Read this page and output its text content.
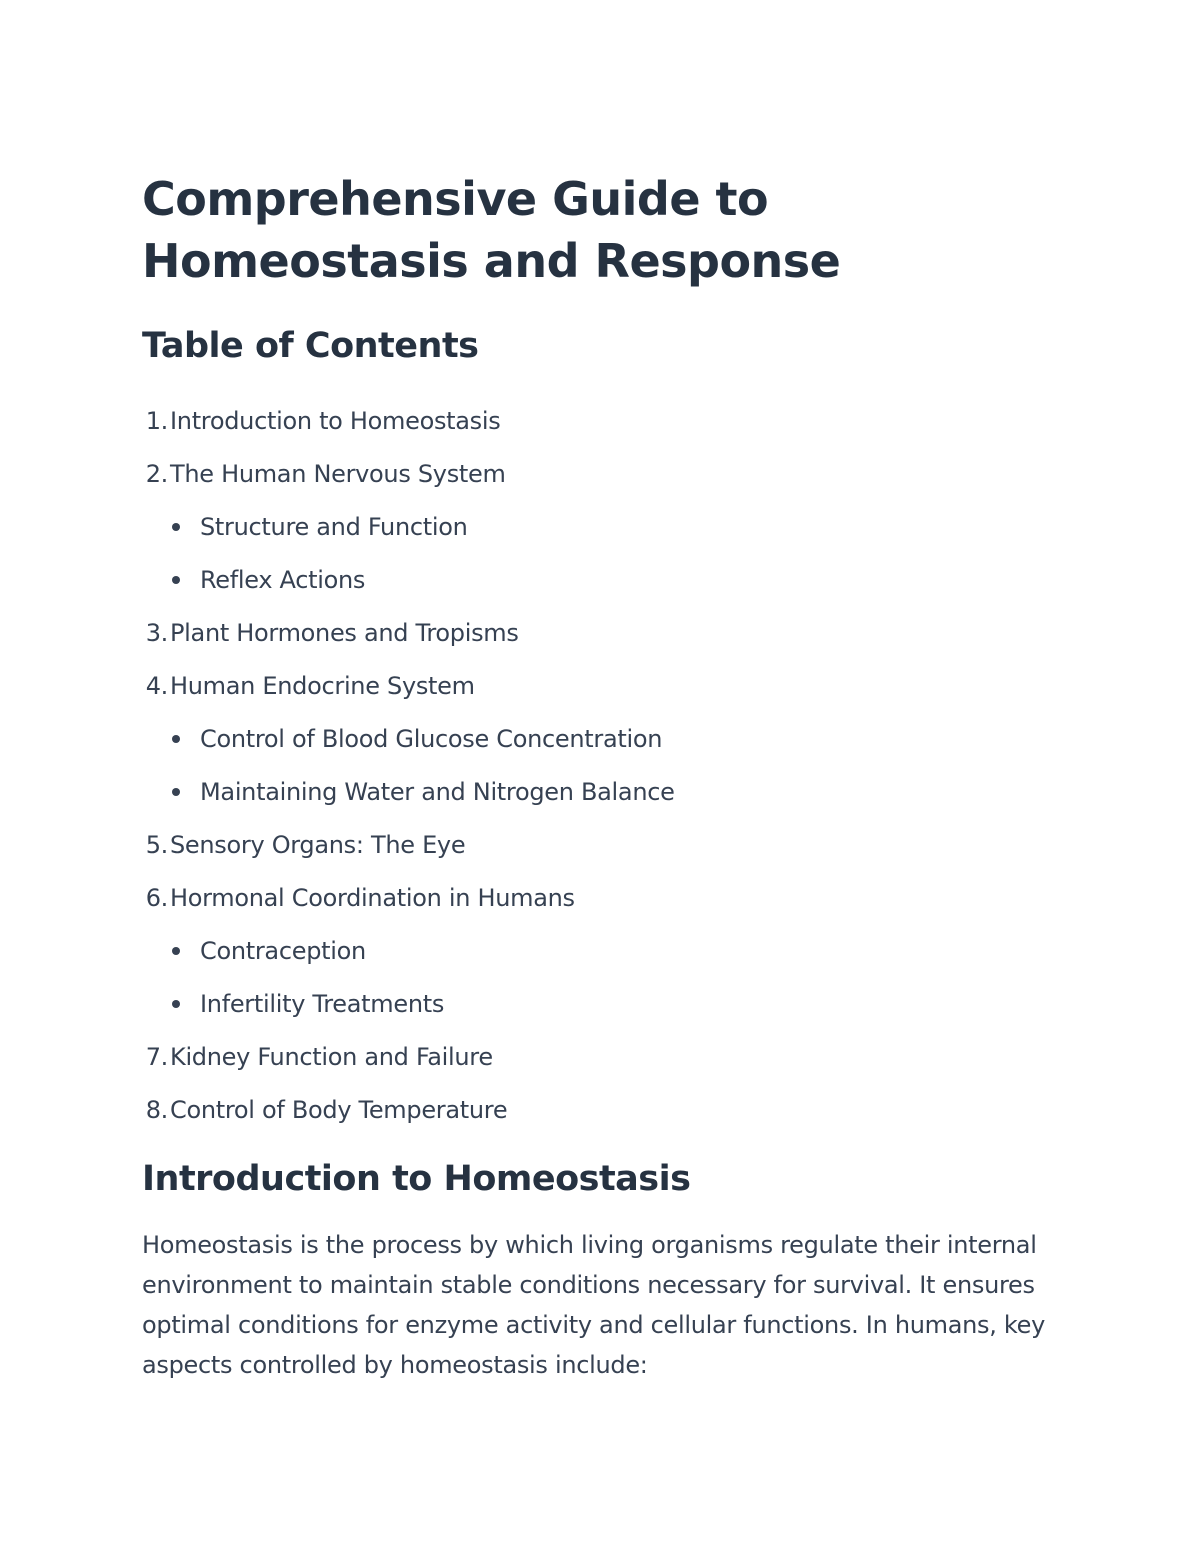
Comprehensive Guide to Homeostasis and Response
Table of Contents
1. Introduction to Homeostasis
2. The Human Nervous System
Structure and Function
Reflex Actions
3. Plant Hormones and Tropisms
4. Human Endocrine System
Control of Blood Glucose Concentration
Maintaining Water and Nitrogen Balance
5. Sensory Organs: The Eye
6. Hormonal Coordination in Humans
Contraception
Infertility Treatments
7. Kidney Function and Failure
8. Control of Body Temperature
Introduction to Homeostasis

Homeostasis is the process by which living organisms regulate their internal environment to maintain stable conditions necessary for survival. It ensures optimal conditions for enzyme activity and cellular functions. In humans, key aspects controlled by homeostasis include:
